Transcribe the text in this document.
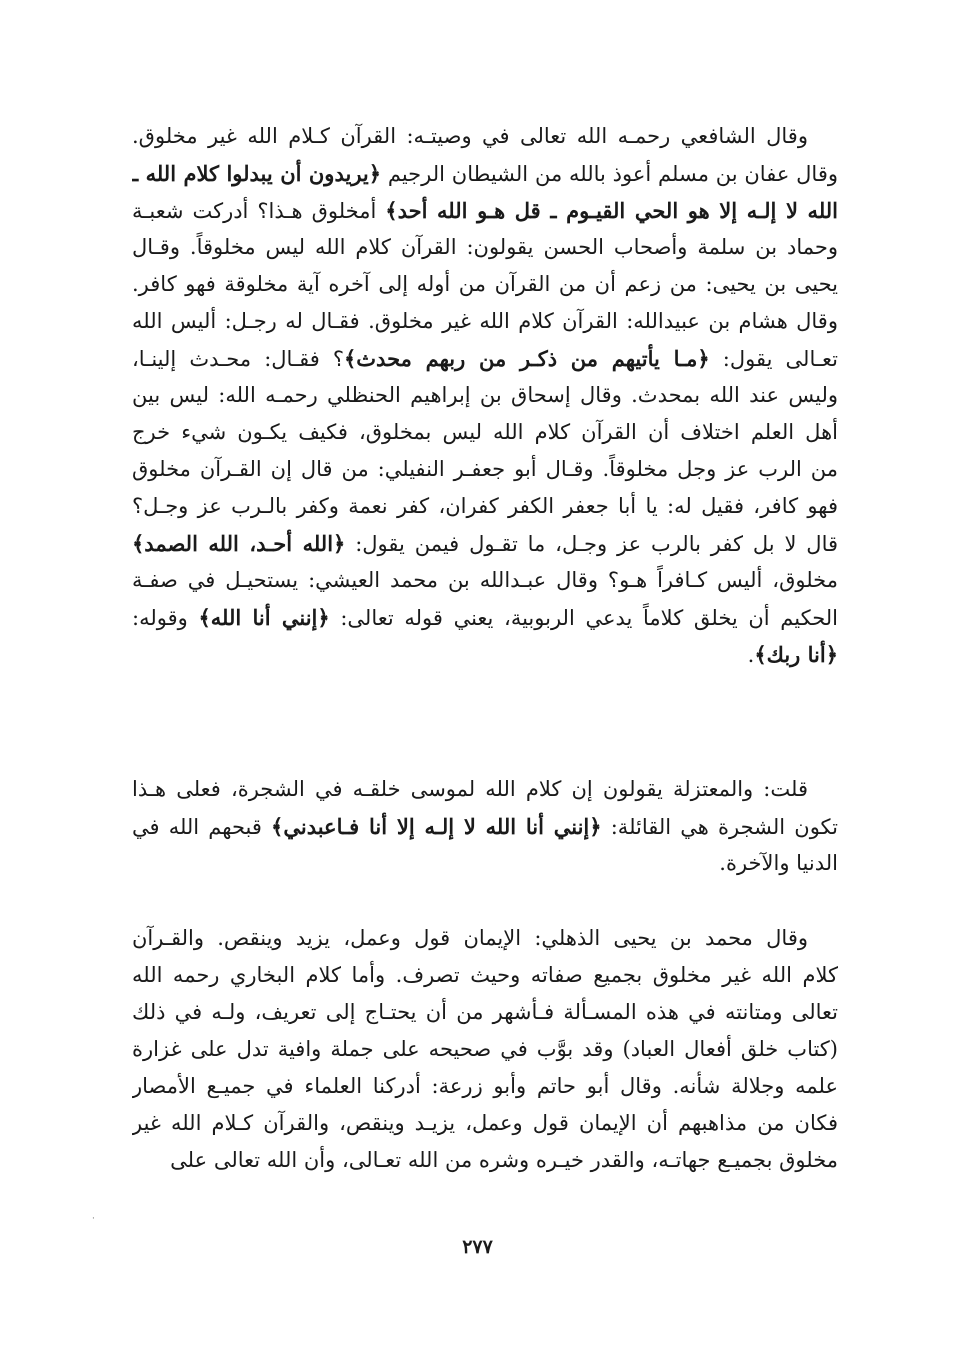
وقال الشافعي رحمـه الله تعالى في وصيتـه: القرآن كـلام الله غير مخلوق.
وقال عفان بن مسلم أعوذ بالله من الشيطان الرجيم ﴿يريدون أن يبدلوا كلام الله ـ
الله لا إلـه إلا هو الحي القيـوم ـ قل هـو الله أحد﴾ أمخلوق هـذا؟ أدركت شعبـة
وحماد بن سلمة وأصحاب الحسن يقولون: القرآن كلام الله ليس مخلوقاً. وقـال
يحيى بن يحيى: من زعم أن من القرآن من أوله إلى آخره آية مخلوقة فهو كافر.
وقال هشام بن عبيدالله: القرآن كلام الله غير مخلوق. فقـال له رجـل: أليس الله
تعـالى يقول: ﴿مـا يأتيهم من ذكـر من ربهم محدث﴾؟ فقـال: محـدث إلينـا،
وليس عند الله بمحدث. وقال إسحاق بن إبراهيم الحنظلي رحمـه الله: ليس بين
أهل العلم اختلاف أن القرآن كلام الله ليس بمخلوق، فكيف يكـون شيء خرج
من الرب عز وجل مخلوقاً. وقـال أبو جعفـر النفيلي: من قال إن القـرآن مخلوق
فهو كافر، فقيل له: يا أبا جعفر الكفر كفران، كفر نعمة وكفر بالـرب عز وجـل؟
قال لا بل كفر بالرب عز وجـل، ما تقـول فيمن يقول: ﴿الله أحـد، الله الصمد﴾
مخلوق، أليس كـافراً هـو؟ وقال عبـدالله بن محمد العيشي: يستحيـل في صفـة
الحكيم أن يخلق كلاماً يدعي الربوبية، يعني قوله تعالى: ﴿إنني أنا الله﴾ وقوله:
﴿أنا ربك﴾.
قلت: والمعتزلة يقولون إن كلام الله لموسى خلقـه في الشجرة، فعلى هـذا
تكون الشجرة هي القائلة: ﴿إنني أنا الله لا إلـه إلا أنا فـاعبدني﴾ قبحهم الله في
الدنيا والآخرة.
وقال محمد بن يحيى الذهلي: الإيمان قول وعمل، يزيد وينقص. والقـرآن
كلام الله غير مخلوق بجميع صفاته وحيث تصرف. وأما كلام البخاري رحمه الله
تعالى ومتانته في هذه المسـألة فـأشهر من أن يحتـاج إلى تعريف، ولـه في ذلك
(كتاب خلق أفعال العباد) وقد بوَّب في صحيحه على جملة وافية تدل على غزارة
علمه وجلالة شأنه. وقال أبو حاتم وأبو زرعة: أدركنا العلماء في جميـع الأمصار
فكان من مذاهبهم أن الإيمان قول وعمل، يزيـد وينقص، والقرآن كـلام الله غير
مخلوق بجميـع جهاتـه، والقدر خيـره وشره من الله تعـالى، وأن الله تعالى على
·
٢٧٧
